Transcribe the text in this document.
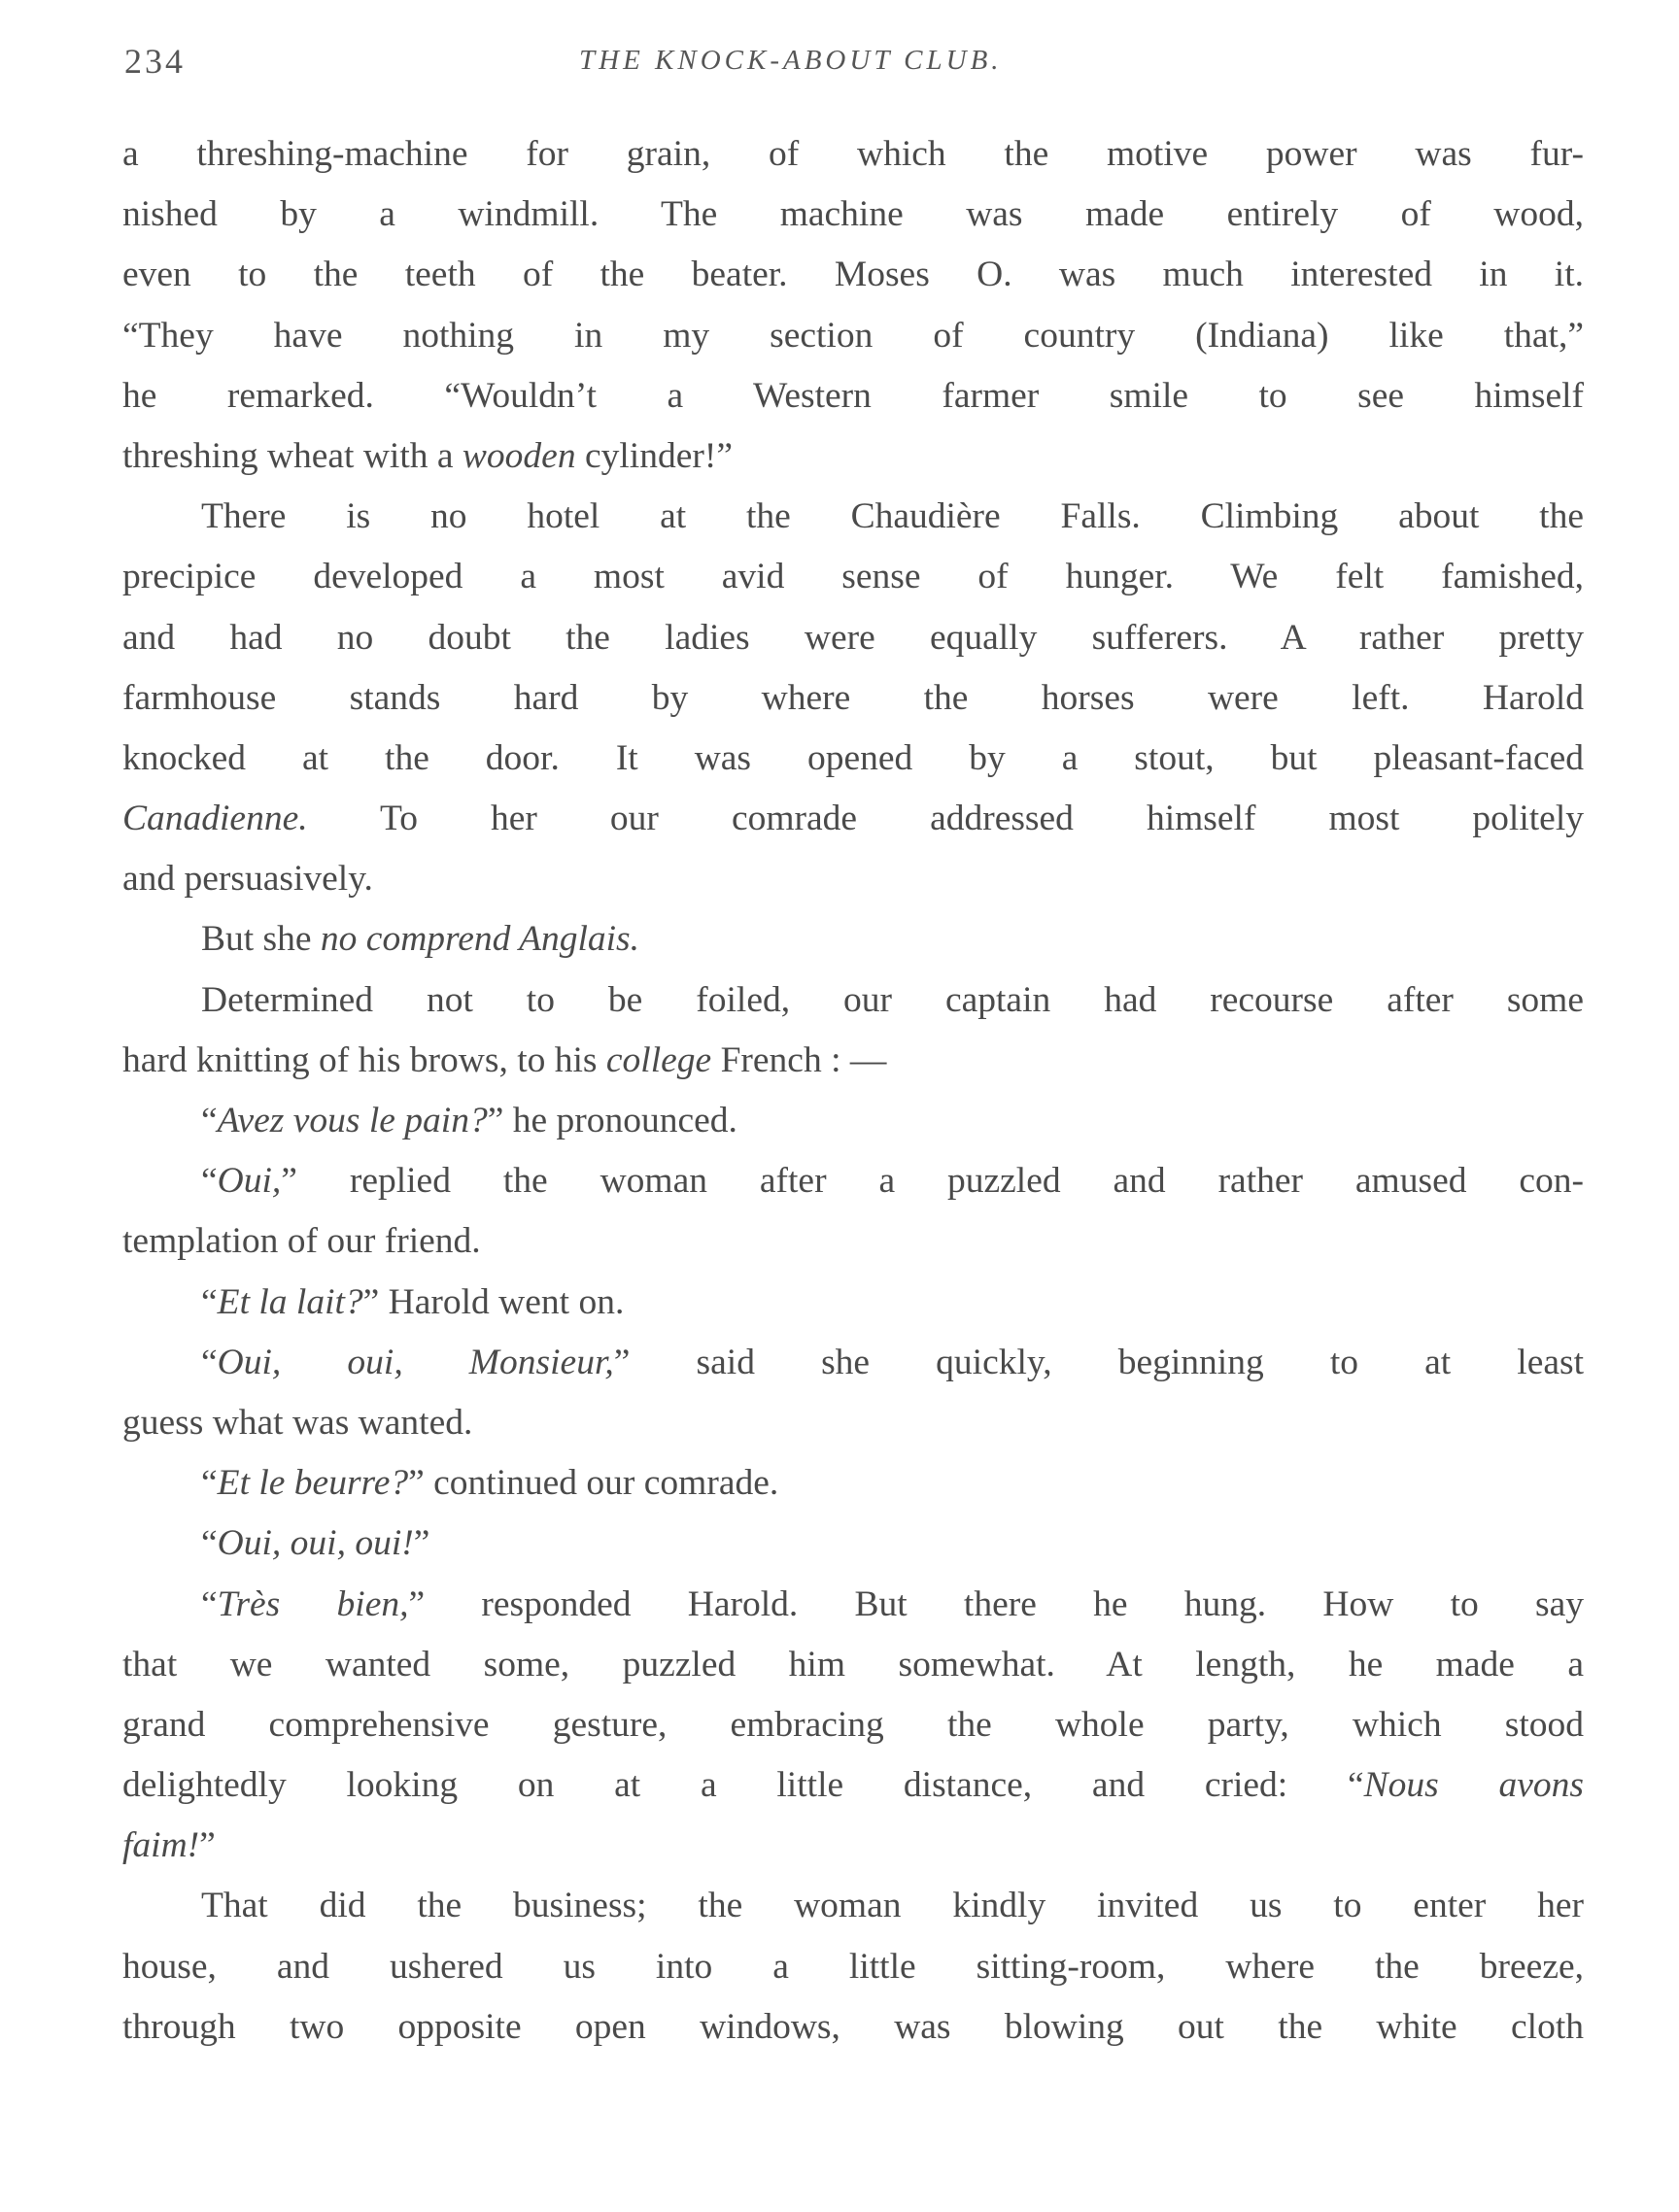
234	THE KNOCK-ABOUT CLUB.
a threshing-machine for grain, of which the motive power was fur-
nished by a windmill. The machine was made entirely of wood,
even to the teeth of the beater. Moses O. was much interested in it.
“They have nothing in my section of country (Indiana) like that,”
he remarked. “Wouldn’t a Western farmer smile to see himself
threshing wheat with a wooden cylinder!”
There is no hotel at the Chaudière Falls. Climbing about the
precipice developed a most avid sense of hunger. We felt famished,
and had no doubt the ladies were equally sufferers. A rather pretty
farmhouse stands hard by where the horses were left. Harold
knocked at the door. It was opened by a stout, but pleasant-faced
Canadienne. To her our comrade addressed himself most politely
and persuasively.
But she no comprend Anglais.
Determined not to be foiled, our captain had recourse after some
hard knitting of his brows, to his college French : —
“Avez vous le pain?” he pronounced.
“Oui,” replied the woman after a puzzled and rather amused con-
templation of our friend.
“Et la lait?” Harold went on.
“Oui, oui, Monsieur,” said she quickly, beginning to at least
guess what was wanted.
“Et le beurre?” continued our comrade.
“Oui, oui, oui!”
“Très bien,” responded Harold. But there he hung. How to say
that we wanted some, puzzled him somewhat. At length, he made a
grand comprehensive gesture, embracing the whole party, which stood
delightedly looking on at a little distance, and cried: “Nous avons
faim!”
That did the business; the woman kindly invited us to enter her
house, and ushered us into a little sitting-room, where the breeze,
through two opposite open windows, was blowing out the white cloth
